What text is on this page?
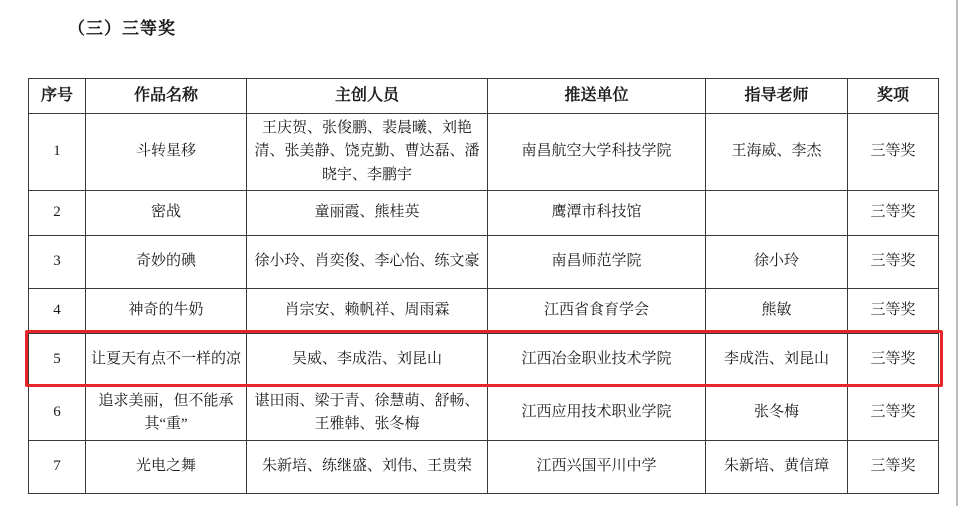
（三）三等奖
序号	作品名称	主创人员	推送单位	指导老师	奖项
1	斗转星移	王庆贺、张俊鹏、裴晨曦、刘艳清、张美静、饶克勤、曹达磊、潘晓宇、李鹏宇	南昌航空大学科技学院	王海威、李杰	三等奖
2	密战	童丽霞、熊桂英	鹰潭市科技馆		三等奖
3	奇妙的碘	徐小玲、肖奕俊、李心怡、练文豪	南昌师范学院	徐小玲	三等奖
4	神奇的牛奶	肖宗安、赖帆祥、周雨霖	江西省食育学会	熊敏	三等奖
5	让夏天有点不一样的凉	吴威、李成浩、刘昆山	江西冶金职业技术学院	李成浩、刘昆山	三等奖
6	追求美丽，但不能承其“重”	谌田雨、梁于青、徐慧萌、舒畅、王雅韩、张冬梅	江西应用技术职业学院	张冬梅	三等奖
7	光电之舞	朱新培、练继盛、刘伟、王贵荣	江西兴国平川中学	朱新培、黄信璋	三等奖
